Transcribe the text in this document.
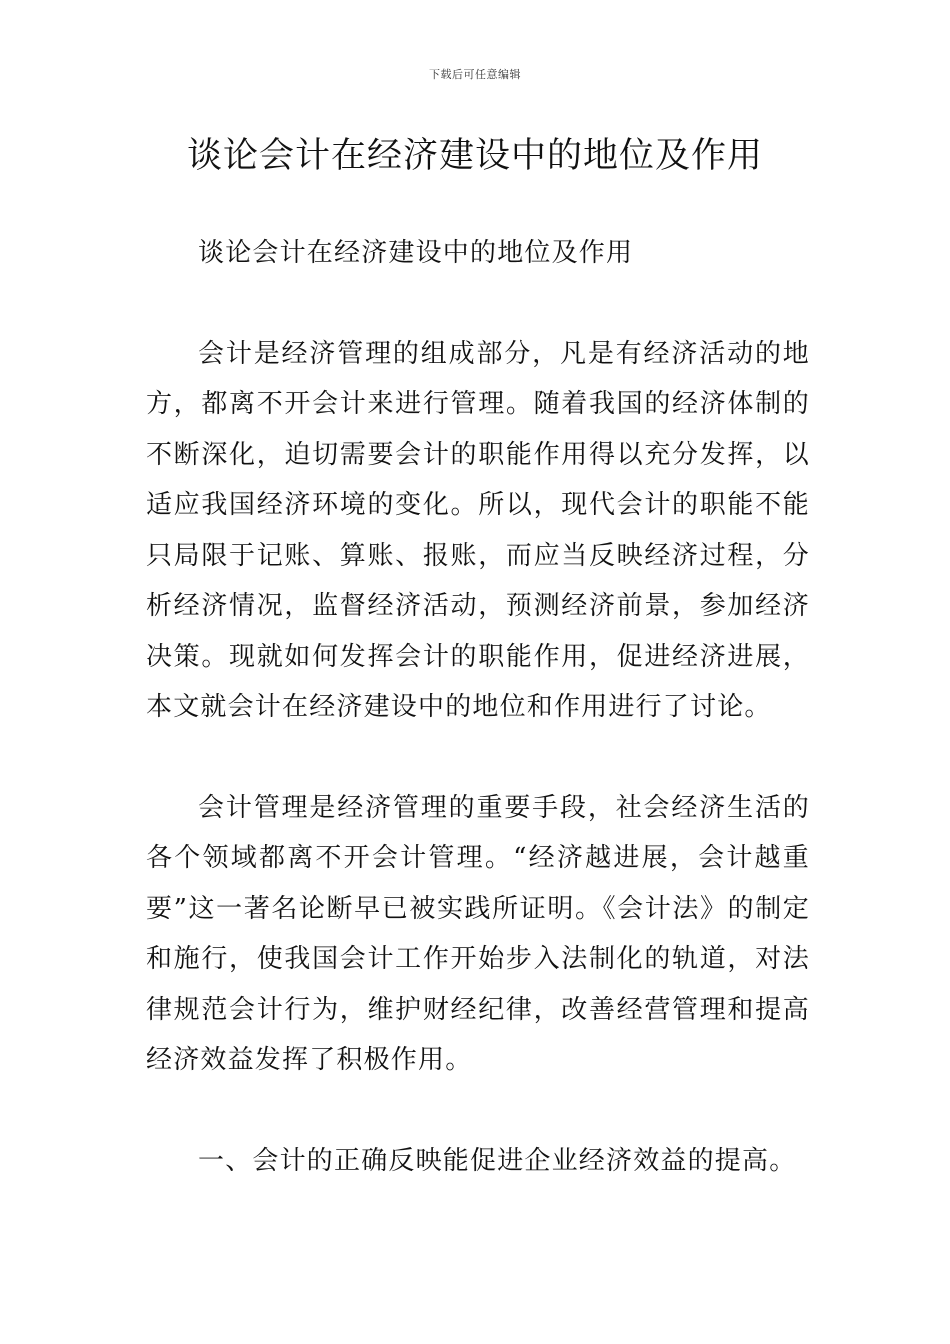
下载后可任意编辑
谈论会计在经济建设中的地位及作用

谈论会计在经济建设中的地位及作用

会计是经济管理的组成部分，凡是有经济活动的地方，都离不开会计来进行管理。随着我国的经济体制的不断深化，迫切需要会计的职能作用得以充分发挥，以适应我国经济环境的变化。所以，现代会计的职能不能只局限于记账、算账、报账，而应当反映经济过程，分析经济情况，监督经济活动，预测经济前景，参加经济决策。现就如何发挥会计的职能作用，促进经济进展，本文就会计在经济建设中的地位和作用进行了讨论。

会计管理是经济管理的重要手段，社会经济生活的各个领域都离不开会计管理。“经济越进展，会计越重要”这一著名论断早已被实践所证明。《会计法》的制定和施行，使我国会计工作开始步入法制化的轨道，对法律规范会计行为，维护财经纪律，改善经营管理和提高经济效益发挥了积极作用。

一、会计的正确反映能促进企业经济效益的提高。
